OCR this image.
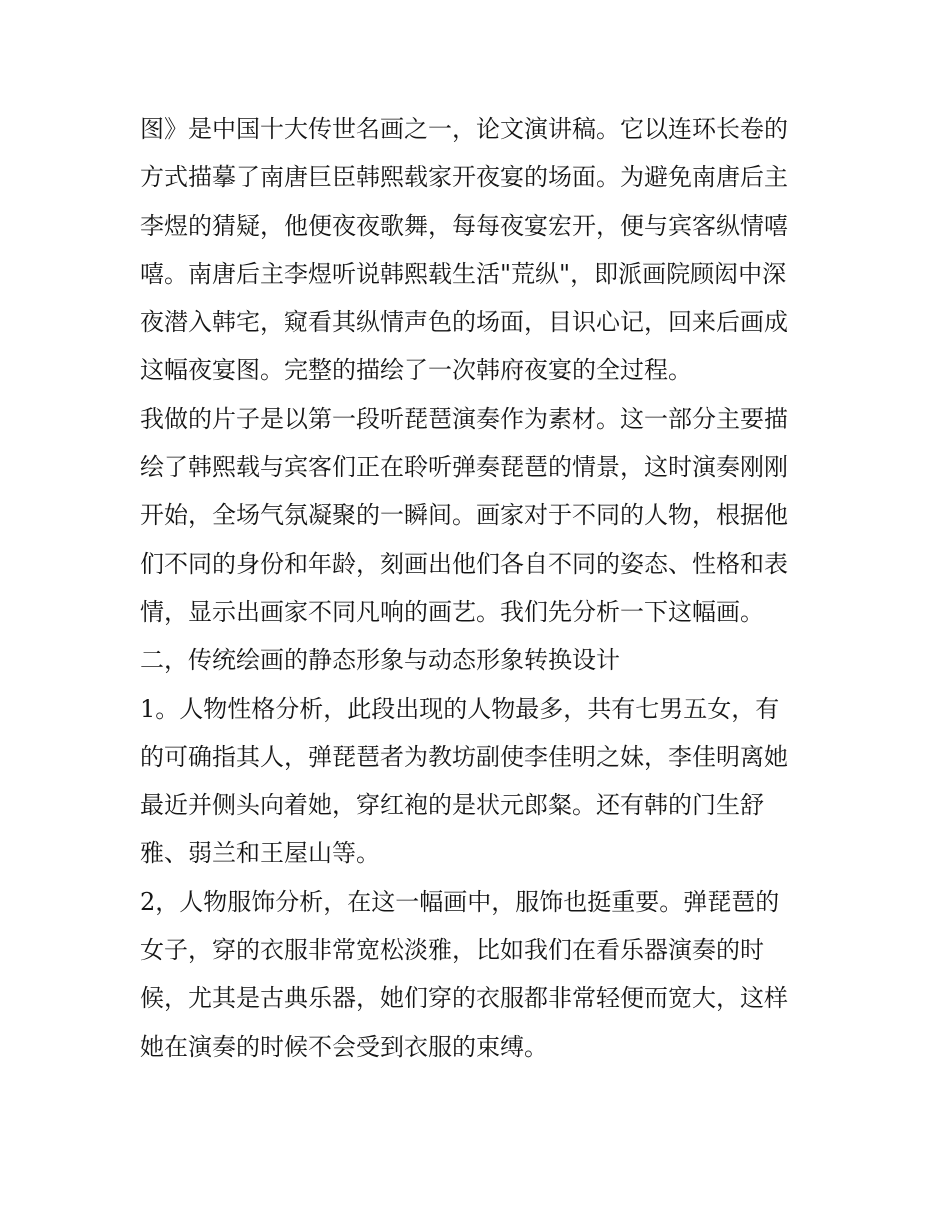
图》是中国十大传世名画之一，论文演讲稿。它以连环长卷的
方式描摹了南唐巨臣韩熙载家开夜宴的场面。为避免南唐后主
李煜的猜疑，他便夜夜歌舞，每每夜宴宏开，便与宾客纵情嘻
嘻。南唐后主李煜听说韩熙载生活"荒纵"，即派画院顾闳中深
夜潜入韩宅，窥看其纵情声色的场面，目识心记，回来后画成
这幅夜宴图。完整的描绘了一次韩府夜宴的全过程。
我做的片子是以第一段听琵琶演奏作为素材。这一部分主要描
绘了韩熙载与宾客们正在聆听弹奏琵琶的情景，这时演奏刚刚
开始，全场气氛凝聚的一瞬间。画家对于不同的人物，根据他
们不同的身份和年龄，刻画出他们各自不同的姿态、性格和表
情，显示出画家不同凡响的画艺。我们先分析一下这幅画。
二，传统绘画的静态形象与动态形象转换设计
1。人物性格分析，此段出现的人物最多，共有七男五女，有
的可确指其人，弹琵琶者为教坊副使李佳明之妹，李佳明离她
最近并侧头向着她，穿红袍的是状元郎粲。还有韩的门生舒
雅、弱兰和王屋山等。
2，人物服饰分析，在这一幅画中，服饰也挺重要。弹琵琶的
女子，穿的衣服非常宽松淡雅，比如我们在看乐器演奏的时
候，尤其是古典乐器，她们穿的衣服都非常轻便而宽大，这样
她在演奏的时候不会受到衣服的束缚。
